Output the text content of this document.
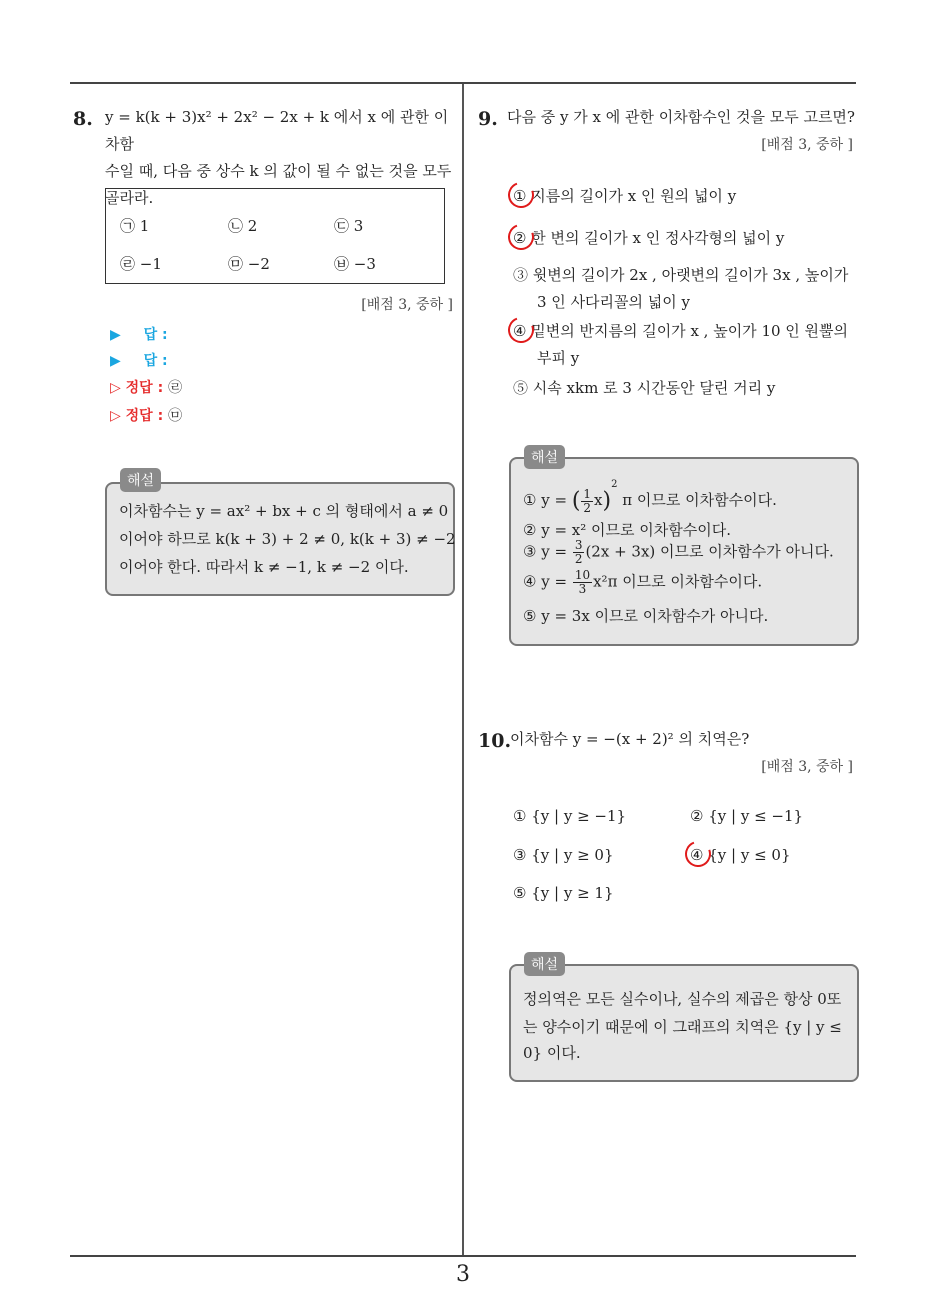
3
8. y = k(k + 3)x² + 2x² − 2x + k 에서 x 에 관한 이차함
수일 때, 다음 중 상수 k 의 값이 될 수 없는 것을 모두
골라라.
㉠ 1	㉡ 2	㉢ 3
㉣ −1	㉤ −2	㉥ −3
[배점 3, 중하 ]
▶ 답 :
▶ 답 :
▷ 정답 : ㉣
▷ 정답 : ㉤
이차함수는 y = ax² + bx + c 의 형태에서 a ≠ 0
이어야 하므로 k(k + 3) + 2 ≠ 0, k(k + 3) ≠ −2
이어야 한다. 따라서 k ≠ −1, k ≠ −2 이다.
해설
9. 다음 중 y 가 x 에 관한 이차함수인 것을 모두 고르면?
[배점 3, 중하 ]
① 지름의 길이가 x 인 원의 넓이 y
② 한 변의 길이가 x 인 정사각형의 넓이 y
③ 윗변의 길이가 2x , 아랫변의 길이가 3x , 높이가
3 인 사다리꼴의 넓이 y
④ 밑변의 반지름의 길이가 x , 높이가 10 인 원뿔의
부피 y
⑤ 시속 xkm 로 3 시간동안 달린 거리 y
① y = ( $\frac{1}{2} x)^2$ π 이므로 이차함수이다.
② y = x² 이므로 이차함수이다.
③ $y = \frac{3}{2} (2x + 3x)$ 이므로 이차함수가 아니다.
④ $y = \frac{10}{3} x^2\pi$ 이므로 이차함수이다.
⑤ y = 3x 이므로 이차함수가 아니다.
해설
10.
이차함수 y = −(x + 2)² 의 치역은?
[배점 3, 중하 ]
① {y | y ≥ −1}	② {y | y ≤ −1}
③ {y | y ≥ 0}	④ {y | y ≤ 0}
⑤ {y | y ≥ 1}
정의역은 모든 실수이나, 실수의 제곱은 항상 0또
는 양수이기 때문에 이 그래프의 치역은 {y | y ≤
0} 이다.
해설
